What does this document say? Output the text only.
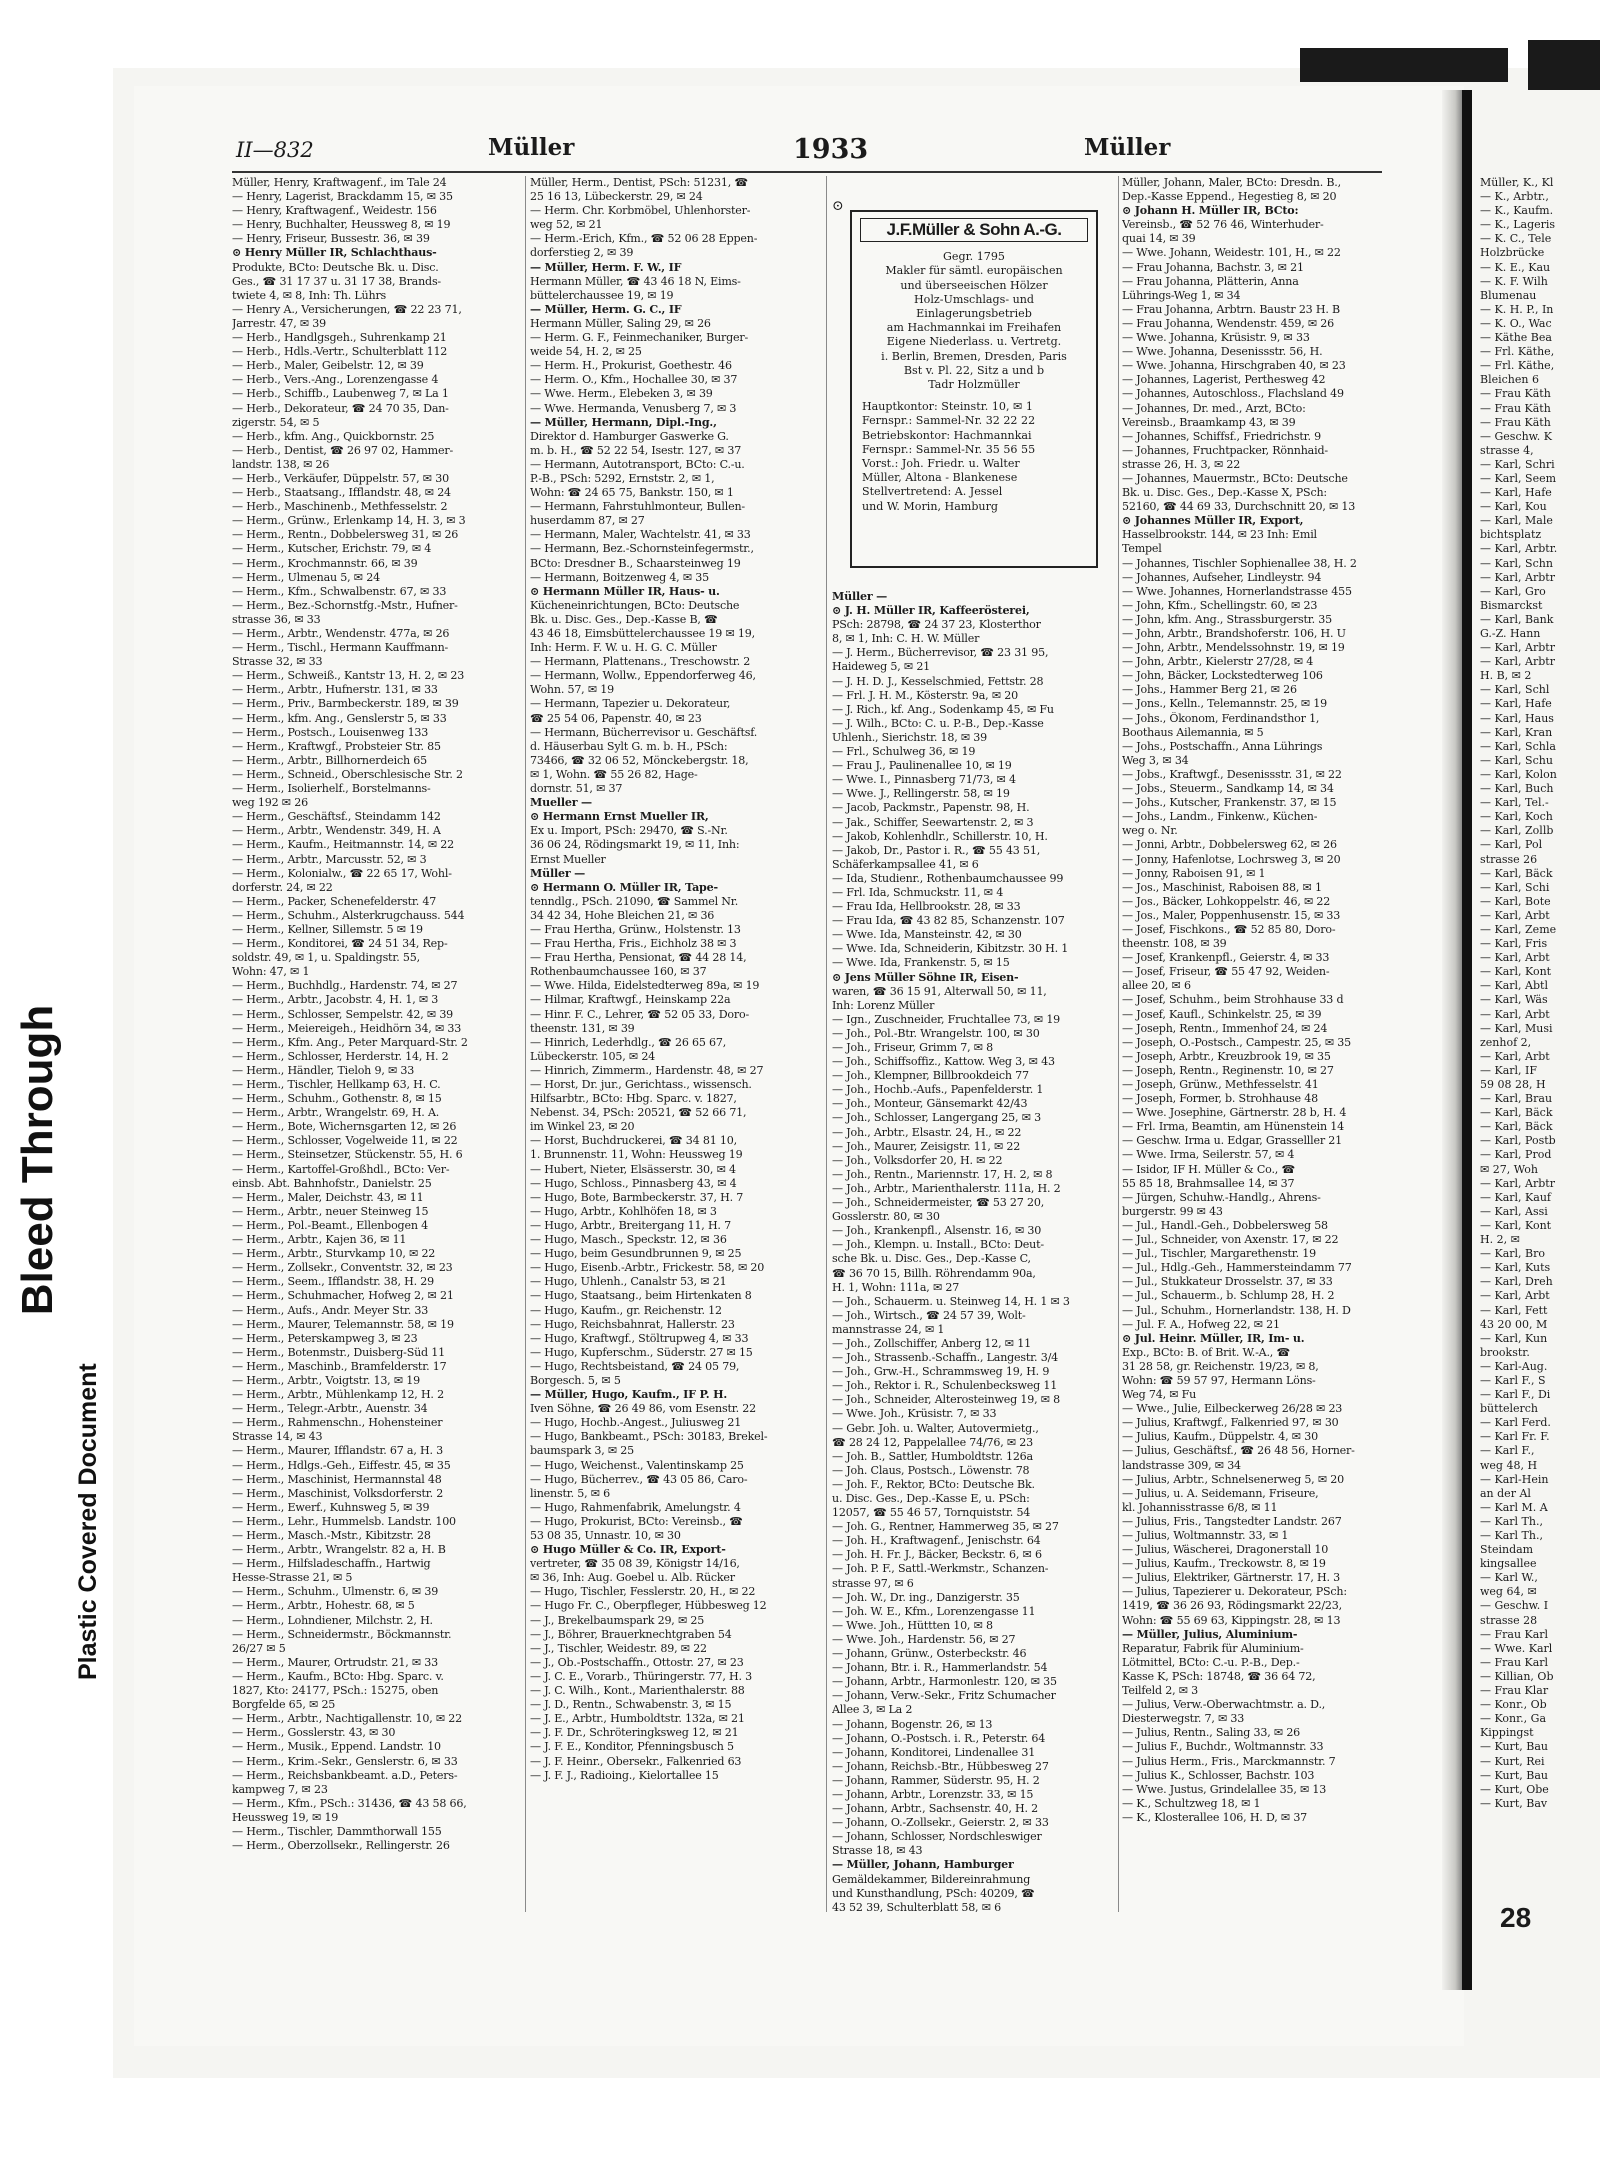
Bleed Through
Plastic Covered Document
II—832	Müller	1933	Müller
Müller, Henry, Kraftwagenf., im Tale 24
— Henry, Lagerist, Brackdamm 15, ✉ 35
— Henry, Kraftwagenf., Weidestr. 156
— Henry, Buchhalter, Heussweg 8, ✉ 19
— Henry, Friseur, Bussestr. 36, ✉ 39
⊙ Henry Müller IR, Schlachthaus-
Produkte, BCto: Deutsche Bk. u. Disc.
Ges., ☎ 31 17 37 u. 31 17 38, Brands-
twiete 4, ✉ 8, Inh: Th. Lührs
— Henry A., Versicherungen, ☎ 22 23 71,
Jarrestr. 47, ✉ 39
— Herb., Handlgsgeh., Suhrenkamp 21
— Herb., Hdls.-Vertr., Schulterblatt 112
— Herb., Maler, Geibelstr. 12, ✉ 39
— Herb., Vers.-Ang., Lorenzengasse 4
— Herb., Schiffb., Laubenweg 7, ✉ La 1
— Herb., Dekorateur, ☎ 24 70 35, Dan-
zigerstr. 54, ✉ 5
— Herb., kfm. Ang., Quickbornstr. 25
— Herb., Dentist, ☎ 26 97 02, Hammer-
landstr. 138, ✉ 26
— Herb., Verkäufer, Düppelstr. 57, ✉ 30
— Herb., Staatsang., Ifflandstr. 48, ✉ 24
— Herb., Maschinenb., Methfesselstr. 2
— Herm., Grünw., Erlenkamp 14, H. 3, ✉ 3
— Herm., Rentn., Dobbelersweg 31, ✉ 26
— Herm., Kutscher, Erichstr. 79, ✉ 4
— Herm., Krochmannstr. 66, ✉ 39
— Herm., Ulmenau 5, ✉ 24
— Herm., Kfm., Schwalbenstr. 67, ✉ 33
— Herm., Bez.-Schornstfg.-Mstr., Hufner-
strasse 36, ✉ 33
— Herm., Arbtr., Wendenstr. 477a, ✉ 26
— Herm., Tischl., Hermann Kauffmann-
Strasse 32, ✉ 33
— Herm., Schweiß., Kantstr 13, H. 2, ✉ 23
— Herm., Arbtr., Hufnerstr. 131, ✉ 33
— Herm., Priv., Barmbeckerstr. 189, ✉ 39
— Herm., kfm. Ang., Genslerstr 5, ✉ 33
— Herm., Postsch., Louisenweg 133
— Herm., Kraftwgf., Probsteier Str. 85
— Herm., Arbtr., Billhornerdeich 65
— Herm., Schneid., Oberschlesische Str. 2
— Herm., Isolierhelf., Borstelmanns-
weg 192 ✉ 26
— Herm., Geschäftsf., Steindamm 142
— Herm., Arbtr., Wendenstr. 349, H. A
— Herm., Kaufm., Heitmannstr. 14, ✉ 22
— Herm., Arbtr., Marcusstr. 52, ✉ 3
— Herm., Kolonialw., ☎ 22 65 17, Wohl-
dorferstr. 24, ✉ 22
— Herm., Packer, Schenefelderstr. 47
— Herm., Schuhm., Alsterkrugchauss. 544
— Herm., Kellner, Sillemstr. 5 ✉ 19
— Herm., Konditorei, ☎ 24 51 34, Rep-
soldstr. 49, ✉ 1, u. Spaldingstr. 55,
Wohn: 47, ✉ 1
— Herm., Buchhdlg., Hardenstr. 74, ✉ 27
— Herm., Arbtr., Jacobstr. 4, H. 1, ✉ 3
— Herm., Schlosser, Sempelstr. 42, ✉ 39
— Herm., Meiereigeh., Heidhörn 34, ✉ 33
— Herm., Kfm. Ang., Peter Marquard-Str. 2
— Herm., Schlosser, Herderstr. 14, H. 2
— Herm., Händler, Tieloh 9, ✉ 33
— Herm., Tischler, Hellkamp 63, H. C.
— Herm., Schuhm., Gothenstr. 8, ✉ 15
— Herm., Arbtr., Wrangelstr. 69, H. A.
— Herm., Bote, Wichernsgarten 12, ✉ 26
— Herm., Schlosser, Vogelweide 11, ✉ 22
— Herm., Steinsetzer, Stückenstr. 55, H. 6
— Herm., Kartoffel-Großhdl., BCto: Ver-
einsb. Abt. Bahnhofstr., Danielstr. 25
— Herm., Maler, Deichstr. 43, ✉ 11
— Herm., Arbtr., neuer Steinweg 15
— Herm., Pol.-Beamt., Ellenbogen 4
— Herm., Arbtr., Kajen 36, ✉ 11
— Herm., Arbtr., Sturvkamp 10, ✉ 22
— Herm., Zollsekr., Conventstr. 32, ✉ 23
— Herm., Seem., Ifflandstr. 38, H. 29
— Herm., Schuhmacher, Hofweg 2, ✉ 21
— Herm., Aufs., Andr. Meyer Str. 33
— Herm., Maurer, Telemannstr. 58, ✉ 19
— Herm., Peterskampweg 3, ✉ 23
— Herm., Botenmstr., Duisberg-Süd 11
— Herm., Maschinb., Bramfelderstr. 17
— Herm., Arbtr., Voigtstr. 13, ✉ 19
— Herm., Arbtr., Mühlenkamp 12, H. 2
— Herm., Telegr.-Arbtr., Auenstr. 34
— Herm., Rahmenschn., Hohensteiner
Strasse 14, ✉ 43
— Herm., Maurer, Ifflandstr. 67 a, H. 3
— Herm., Hdlgs.-Geh., Eiffestr. 45, ✉ 35
— Herm., Maschinist, Hermannstal 48
— Herm., Maschinist, Volksdorferstr. 2
— Herm., Ewerf., Kuhnsweg 5, ✉ 39
— Herm., Lehr., Hummelsb. Landstr. 100
— Herm., Masch.-Mstr., Kibitzstr. 28
— Herm., Arbtr., Wrangelstr. 82 a, H. B
— Herm., Hilfsladeschaffn., Hartwig
Hesse-Strasse 21, ✉ 5
— Herm., Schuhm., Ulmenstr. 6, ✉ 39
— Herm., Arbtr., Hohestr. 68, ✉ 5
— Herm., Lohndiener, Milchstr. 2, H.
— Herm., Schneidermstr., Böckmannstr.
26/27 ✉ 5
— Herm., Maurer, Ortrudstr. 21, ✉ 33
— Herm., Kaufm., BCto: Hbg. Sparc. v.
1827, Kto: 24177, PSch.: 15275, oben
Borgfelde 65, ✉ 25
— Herm., Arbtr., Nachtigallenstr. 10, ✉ 22
— Herm., Gosslerstr. 43, ✉ 30
— Herm., Musik., Eppend. Landstr. 10
— Herm., Krim.-Sekr., Genslerstr. 6, ✉ 33
— Herm., Reichsbankbeamt. a.D., Peters-
kampweg 7, ✉ 23
— Herm., Kfm., PSch.: 31436, ☎ 43 58 66,
Heussweg 19, ✉ 19
— Herm., Tischler, Dammthorwall 155
— Herm., Oberzollsekr., Rellingerstr. 26
Müller, Herm., Dentist, PSch: 51231, ☎
25 16 13, Lübeckerstr. 29, ✉ 24
— Herm. Chr. Korbmöbel, Uhlenhorster-
weg 52, ✉ 21
— Herm.-Erich, Kfm., ☎ 52 06 28 Eppen-
dorferstieg 2, ✉ 39
— Müller, Herm. F. W., IF
Hermann Müller, ☎ 43 46 18 N, Eims-
büttelerchaussee 19, ✉ 19
— Müller, Herm. G. C., IF
Hermann Müller, Saling 29, ✉ 26
— Herm. G. F., Feinmechaniker, Burger-
weide 54, H. 2, ✉ 25
— Herm. H., Prokurist, Goethestr. 46
— Herm. O., Kfm., Hochallee 30, ✉ 37
— Wwe. Herm., Elebeken 3, ✉ 39
— Wwe. Hermanda, Venusberg 7, ✉ 3
— Müller, Hermann, Dipl.-Ing.,
Direktor d. Hamburger Gaswerke G.
m. b. H., ☎ 52 22 54, Isestr. 127, ✉ 37
— Hermann, Autotransport, BCto: C.-u.
P.-B., PSch: 5292, Ernststr. 2, ✉ 1,
Wohn: ☎ 24 65 75, Bankstr. 150, ✉ 1
— Hermann, Fahrstuhlmonteur, Bullen-
huserdamm 87, ✉ 27
— Hermann, Maler, Wachtelstr. 41, ✉ 33
— Hermann, Bez.-Schornsteinfegermstr.,
BCto: Dresdner B., Schaarsteinweg 19
— Hermann, Boitzenweg 4, ✉ 35
⊙ Hermann Müller IR, Haus- u.
Kücheneinrichtungen, BCto: Deutsche
Bk. u. Disc. Ges., Dep.-Kasse B, ☎
43 46 18, Eimsbüttelerchaussee 19 ✉ 19,
Inh: Herm. F. W. u. H. G. C. Müller
— Hermann, Plattenans., Treschowstr. 2
— Hermann, Wollw., Eppendorferweg 46,
Wohn. 57, ✉ 19
— Hermann, Tapezier u. Dekorateur,
☎ 25 54 06, Papenstr. 40, ✉ 23
— Hermann, Bücherrevisor u. Geschäftsf.
d. Häuserbau Sylt G. m. b. H., PSch:
73466, ☎ 32 06 52, Mönckebergstr. 18,
✉ 1, Wohn. ☎ 55 26 82, Hage-
dornstr. 51, ✉ 37
Mueller —
⊙ Hermann Ernst Mueller IR,
Ex u. Import, PSch: 29470, ☎ S.-Nr.
36 06 24, Rödingsmarkt 19, ✉ 11, Inh:
Ernst Mueller
Müller —
⊙ Hermann O. Müller IR, Tape-
tenndlg., PSch. 21090, ☎ Sammel Nr.
34 42 34, Hohe Bleichen 21, ✉ 36
— Frau Hertha, Grünw., Holstenstr. 13
— Frau Hertha, Fris., Eichholz 38 ✉ 3
— Frau Hertha, Pensionat, ☎ 44 28 14,
Rothenbaumchaussee 160, ✉ 37
— Wwe. Hilda, Eidelstedterweg 89a, ✉ 19
— Hilmar, Kraftwgf., Heinskamp 22a
— Hinr. F. C., Lehrer, ☎ 52 05 33, Doro-
theenstr. 131, ✉ 39
— Hinrich, Lederhdlg., ☎ 26 65 67,
Lübeckerstr. 105, ✉ 24
— Hinrich, Zimmerm., Hardenstr. 48, ✉ 27
— Horst, Dr. jur., Gerichtass., wissensch.
Hilfsarbtr., BCto: Hbg. Sparc. v. 1827,
Nebenst. 34, PSch: 20521, ☎ 52 66 71,
im Winkel 23, ✉ 20
— Horst, Buchdruckerei, ☎ 34 81 10,
1. Brunnenstr. 11, Wohn: Heussweg 19
— Hubert, Nieter, Elsässerstr. 30, ✉ 4
— Hugo, Schloss., Pinnasberg 43, ✉ 4
— Hugo, Bote, Barmbeckerstr. 37, H. 7
— Hugo, Arbtr., Kohlhöfen 18, ✉ 3
— Hugo, Arbtr., Breitergang 11, H. 7
— Hugo, Masch., Speckstr. 12, ✉ 36
— Hugo, beim Gesundbrunnen 9, ✉ 25
— Hugo, Eisenb.-Arbtr., Frickestr. 58, ✉ 20
— Hugo, Uhlenh., Canalstr 53, ✉ 21
— Hugo, Staatsang., beim Hirtenkaten 8
— Hugo, Kaufm., gr. Reichenstr. 12
— Hugo, Reichsbahnrat, Hallerstr. 23
— Hugo, Kraftwgf., Stöltrupweg 4, ✉ 33
— Hugo, Kupferschm., Süderstr. 27 ✉ 15
— Hugo, Rechtsbeistand, ☎ 24 05 79,
Borgesch. 5, ✉ 5
— Müller, Hugo, Kaufm., IF P. H.
Iven Söhne, ☎ 26 49 86, vom Esenstr. 22
— Hugo, Hochb.-Angest., Juliusweg 21
— Hugo, Bankbeamt., PSch: 30183, Brekel-
baumspark 3, ✉ 25
— Hugo, Weichenst., Valentinskamp 25
— Hugo, Bücherrev., ☎ 43 05 86, Caro-
linenstr. 5, ✉ 6
— Hugo, Rahmenfabrik, Amelungstr. 4
— Hugo, Prokurist, BCto: Vereinsb., ☎
53 08 35, Unnastr. 10, ✉ 30
⊙ Hugo Müller & Co. IR, Export-
vertreter, ☎ 35 08 39, Königstr 14/16,
✉ 36, Inh: Aug. Goebel u. Alb. Rücker
— Hugo, Tischler, Fesslerstr. 20, H., ✉ 22
— Hugo Fr. C., Oberpfleger, Hübbesweg 12
— J., Brekelbaumspark 29, ✉ 25
— J., Böhrer, Brauerknechtgraben 54
— J., Tischler, Weidestr. 89, ✉ 22
— J., Ob.-Postschaffn., Ottostr. 27, ✉ 23
— J. C. E., Vorarb., Thüringerstr. 77, H. 3
— J. C. Wilh., Kont., Marienthalerstr. 88
— J. D., Rentn., Schwabenstr. 3, ✉ 15
— J. E., Arbtr., Humboldtstr. 132a, ✉ 21
— J. F. Dr., Schröteringksweg 12, ✉ 21
— J. F. E., Konditor, Pfenningsbusch 5
— J. F. Heinr., Obersekr., Falkenried 63
— J. F. J., Radioing., Kielortallee 15
Müller —
⊙ J. H. Müller IR, Kaffeerösterei,
PSch: 28798, ☎ 24 37 23, Klosterthor
8, ✉ 1, Inh: C. H. W. Müller
— J. Herm., Bücherrevisor, ☎ 23 31 95,
Haideweg 5, ✉ 21
— J. H. D. J., Kesselschmied, Fettstr. 28
— Frl. J. H. M., Kösterstr. 9a, ✉ 20
— J. Rich., kf. Ang., Sodenkamp 45, ✉ Fu
— J. Wilh., BCto: C. u. P.-B., Dep.-Kasse
Uhlenh., Sierichstr. 18, ✉ 39
— Frl., Schulweg 36, ✉ 19
— Frau J., Paulinenallee 10, ✉ 19
— Wwe. I., Pinnasberg 71/73, ✉ 4
— Wwe. J., Rellingerstr. 58, ✉ 19
— Jacob, Packmstr., Papenstr. 98, H.
— Jak., Schiffer, Seewartenstr. 2, ✉ 3
— Jakob, Kohlenhdlr., Schillerstr. 10, H.
— Jakob, Dr., Pastor i. R., ☎ 55 43 51,
Schäferkampsallee 41, ✉ 6
— Ida, Studienr., Rothenbaumchaussee 99
— Frl. Ida, Schmuckstr. 11, ✉ 4
— Frau Ida, Hellbrookstr. 28, ✉ 33
— Frau Ida, ☎ 43 82 85, Schanzenstr. 107
— Wwe. Ida, Mansteinstr. 42, ✉ 30
— Wwe. Ida, Schneiderin, Kibitzstr. 30 H. 1
— Wwe. Ida, Frankenstr. 5, ✉ 15
⊙ Jens Müller Söhne IR, Eisen-
waren, ☎ 36 15 91, Alterwall 50, ✉ 11,
Inh: Lorenz Müller
— Ign., Zuschneider, Fruchtallee 73, ✉ 19
— Joh., Pol.-Btr. Wrangelstr. 100, ✉ 30
— Joh., Friseur, Grimm 7, ✉ 8
— Joh., Schiffsoffiz., Kattow. Weg 3, ✉ 43
— Joh., Klempner, Billbrookdeich 77
— Joh., Hochb.-Aufs., Papenfelderstr. 1
— Joh., Monteur, Gänsemarkt 42/43
— Joh., Schlosser, Langergang 25, ✉ 3
— Joh., Arbtr., Elsastr. 24, H., ✉ 22
— Joh., Maurer, Zeisigstr. 11, ✉ 22
— Joh., Volksdorfer 20, H. ✉ 22
— Joh., Rentn., Mariennstr. 17, H. 2, ✉ 8
— Joh., Arbtr., Marienthalerstr. 111a, H. 2
— Joh., Schneidermeister, ☎ 53 27 20,
Gosslerstr. 80, ✉ 30
— Joh., Krankenpfl., Alsenstr. 16, ✉ 30
— Joh., Klempn. u. Install., BCto: Deut-
sche Bk. u. Disc. Ges., Dep.-Kasse C,
☎ 36 70 15, Billh. Röhrendamm 90a,
H. 1, Wohn: 111a, ✉ 27
— Joh., Schauerm. u. Steinweg 14, H. 1 ✉ 3
— Joh., Wirtsch., ☎ 24 57 39, Wolt-
mannstrasse 24, ✉ 1
— Joh., Zollschiffer, Anberg 12, ✉ 11
— Joh., Strassenb.-Schaffn., Langestr. 3/4
— Joh., Grw.-H., Schrammsweg 19, H. 9
— Joh., Rektor i. R., Schulenbecksweg 11
— Joh., Schneider, Alterosteinweg 19, ✉ 8
— Wwe. Joh., Krüsistr. 7, ✉ 33
— Gebr. Joh. u. Walter, Autovermietg.,
☎ 28 24 12, Pappelallee 74/76, ✉ 23
— Joh. B., Sattler, Humboldtstr. 126a
— Joh. Claus, Postsch., Löwenstr. 78
— Joh. F., Rektor, BCto: Deutsche Bk.
u. Disc. Ges., Dep.-Kasse E, u. PSch:
12057, ☎ 55 46 57, Tornquiststr. 54
— Joh. G., Rentner, Hammerweg 35, ✉ 27
— Joh. H., Kraftwagenf., Jenischstr. 64
— Joh. H. Fr. J., Bäcker, Beckstr. 6, ✉ 6
— Joh. P. F., Sattl.-Werkmstr., Schanzen-
strasse 97, ✉ 6
— Joh. W., Dr. ing., Danzigerstr. 35
— Joh. W. E., Kfm., Lorenzengasse 11
— Wwe. Joh., Hüttten 10, ✉ 8
— Wwe. Joh., Hardenstr. 56, ✉ 27
— Johann, Grünw., Osterbeckstr. 46
— Johann, Btr. i. R., Hammerlandstr. 54
— Johann, Arbtr., Harmonlestr. 120, ✉ 35
— Johann, Verw.-Sekr., Fritz Schumacher
Allee 3, ✉ La 2
— Johann, Bogenstr. 26, ✉ 13
— Johann, O.-Postsch. i. R., Peterstr. 64
— Johann, Konditorei, Lindenallee 31
— Johann, Reichsb.-Btr., Hübbesweg 27
— Johann, Rammer, Süderstr. 95, H. 2
— Johann, Arbtr., Lorenzstr. 33, ✉ 15
— Johann, Arbtr., Sachsenstr. 40, H. 2
— Johann, O.-Zollsekr., Geierstr. 2, ✉ 33
— Johann, Schlosser, Nordschleswiger
Strasse 18, ✉ 43
— Müller, Johann, Hamburger
Gemäldekammer, Bildereinrahmung
und Kunsthandlung, PSch: 40209, ☎
43 52 39, Schulterblatt 58, ✉ 6
Müller, Johann, Maler, BCto: Dresdn. B.,
Dep.-Kasse Eppend., Hegestieg 8, ✉ 20
⊙ Johann H. Müller IR, BCto:
Vereinsb., ☎ 52 76 46, Winterhuder-
quai 14, ✉ 39
— Wwe. Johann, Weidestr. 101, H., ✉ 22
— Frau Johanna, Bachstr. 3, ✉ 21
— Frau Johanna, Plätterin, Anna
Lührings-Weg 1, ✉ 34
— Frau Johanna, Arbtrn. Baustr 23 H. B
— Frau Johanna, Wendenstr. 459, ✉ 26
— Wwe. Johanna, Krüsistr. 9, ✉ 33
— Wwe. Johanna, Desenissstr. 56, H.
— Wwe. Johanna, Hirschgraben 40, ✉ 23
— Johannes, Lagerist, Perthesweg 42
— Johannes, Autoschloss., Flachsland 49
— Johannes, Dr. med., Arzt, BCto:
Vereinsb., Braamkamp 43, ✉ 39
— Johannes, Schiffsf., Friedrichstr. 9
— Johannes, Fruchtpacker, Rönnhaid-
strasse 26, H. 3, ✉ 22
— Johannes, Mauermstr., BCto: Deutsche
Bk. u. Disc. Ges., Dep.-Kasse X, PSch:
52160, ☎ 44 69 33, Durchschnitt 20, ✉ 13
⊙ Johannes Müller IR, Export,
Hasselbrookstr. 144, ✉ 23 Inh: Emil
Tempel
— Johannes, Tischler Sophienallee 38, H. 2
— Johannes, Aufseher, Lindleystr. 94
— Wwe. Johannes, Hornerlandstrasse 455
— John, Kfm., Schellingstr. 60, ✉ 23
— John, kfm. Ang., Strassburgerstr. 35
— John, Arbtr., Brandshoferstr. 106, H. U
— John, Arbtr., Mendelssohnstr. 19, ✉ 19
— John, Arbtr., Kielerstr 27/28, ✉ 4
— John, Bäcker, Lockstedterweg 106
— Johs., Hammer Berg 21, ✉ 26
— Jons., Kelln., Telemannstr. 25, ✉ 19
— Johs., Ökonom, Ferdinandsthor 1,
Boothaus Ailemannia, ✉ 5
— Johs., Postschaffn., Anna Lührings
Weg 3, ✉ 34
— Jobs., Kraftwgf., Desenissstr. 31, ✉ 22
— Jobs., Steuerm., Sandkamp 14, ✉ 34
— Johs., Kutscher, Frankenstr. 37, ✉ 15
— Johs., Landm., Finkenw., Küchen-
weg o. Nr.
— Jonni, Arbtr., Dobbelersweg 62, ✉ 26
— Jonny, Hafenlotse, Lochrsweg 3, ✉ 20
— Jonny, Raboisen 91, ✉ 1
— Jos., Maschinist, Raboisen 88, ✉ 1
— Jos., Bäcker, Lohkoppelstr. 46, ✉ 22
— Jos., Maler, Poppenhusenstr. 15, ✉ 33
— Josef, Fischkons., ☎ 52 85 80, Doro-
theenstr. 108, ✉ 39
— Josef, Krankenpfl., Geierstr. 4, ✉ 33
— Josef, Friseur, ☎ 55 47 92, Weiden-
allee 20, ✉ 6
— Josef, Schuhm., beim Strohhause 33 d
— Josef, Kaufl., Schinkelstr. 25, ✉ 39
— Joseph, Rentn., Immenhof 24, ✉ 24
— Joseph, O.-Postsch., Campestr. 25, ✉ 35
— Joseph, Arbtr., Kreuzbrook 19, ✉ 35
— Joseph, Rentn., Reginenstr. 10, ✉ 27
— Joseph, Grünw., Methfesselstr. 41
— Joseph, Former, b. Strohhause 48
— Wwe. Josephine, Gärtnerstr. 28 b, H. 4
— Frl. Irma, Beamtin, am Hünenstein 14
— Geschw. Irma u. Edgar, Grasselller 21
— Wwe. Irma, Seilerstr. 57, ✉ 4
— Isidor, IF H. Müller & Co., ☎
55 85 18, Brahmsallee 14, ✉ 37
— Jürgen, Schuhw.-Handlg., Ahrens-
burgerstr. 99 ✉ 43
— Jul., Handl.-Geh., Dobbelersweg 58
— Jul., Schneider, von Axenstr. 17, ✉ 22
— Jul., Tischler, Margarethenstr. 19
— Jul., Hdlg.-Geh., Hammersteindamm 77
— Jul., Stukkateur Drosselstr. 37, ✉ 33
— Jul., Schauerm., b. Schlump 28, H. 2
— Jul., Schuhm., Hornerlandstr. 138, H. D
— Jul. F. A., Hofweg 22, ✉ 21
⊙ Jul. Heinr. Müller, IR, Im- u.
Exp., BCto: B. of Brit. W.-A., ☎
31 28 58, gr. Reichenstr. 19/23, ✉ 8,
Wohn: ☎ 59 57 97, Hermann Löns-
Weg 74, ✉ Fu
— Wwe., Julie, Eilbeckerweg 26/28 ✉ 23
— Julius, Kraftwgf., Falkenried 97, ✉ 30
— Julius, Kaufm., Düppelstr. 4, ✉ 30
— Julius, Geschäftsf., ☎ 26 48 56, Horner-
landstrasse 309, ✉ 34
— Julius, Arbtr., Schnelsenerweg 5, ✉ 20
— Julius, u. A. Seidemann, Friseure,
kl. Johannisstrasse 6/8, ✉ 11
— Julius, Fris., Tangstedter Landstr. 267
— Julius, Woltmannstr. 33, ✉ 1
— Julius, Wäscherei, Dragonerstall 10
— Julius, Kaufm., Treckowstr. 8, ✉ 19
— Julius, Elektriker, Gärtnerstr. 17, H. 3
— Julius, Tapezierer u. Dekorateur, PSch:
1419, ☎ 36 26 93, Rödingsmarkt 22/23,
Wohn: ☎ 55 69 63, Kippingstr. 28, ✉ 13
— Müller, Julius, Aluminium-
Reparatur, Fabrik für Aluminium-
Lötmittel, BCto: C.-u. P.-B., Dep.-
Kasse K, PSch: 18748, ☎ 36 64 72,
Teilfeld 2, ✉ 3
— Julius, Verw.-Oberwachtmstr. a. D.,
Diesterwegstr. 7, ✉ 33
— Julius, Rentn., Saling 33, ✉ 26
— Julius F., Buchdr., Woltmannstr. 33
— Julius Herm., Fris., Marckmannstr. 7
— Julius K., Schlosser, Bachstr. 103
— Wwe. Justus, Grindelallee 35, ✉ 13
— K., Schultzweg 18, ✉ 1
— K., Klosterallee 106, H. D, ✉ 37
⊙
J.F.Müller & Sohn A.-G.
Gegr. 1795
Makler für sämtl. europäischen
und überseeischen Hölzer
Holz-Umschlags- und
Einlagerungsbetrieb
am Hachmannkai im Freihafen
Eigene Niederlass. u. Vertretg.
i. Berlin, Bremen, Dresden, Paris
Bst v. Pl. 22, Sitz a und b
Tadr Holzmüller
Hauptkontor: Steinstr. 10, ✉ 1
Fernspr.: Sammel-Nr. 32 22 22
Betriebskontor: Hachmannkai
Fernspr.: Sammel-Nr. 35 56 55
Vorst.: Joh. Friedr. u. Walter
Müller, Altona - Blankenese
Stellvertretend: A. Jessel
und W. Morin, Hamburg
Müller, K., Kl
— K., Arbtr.,
— K., Kaufm.
— K., Lageris
— K. C., Tele
Holzbrücke
— K. E., Kau
— K. F. Wilh
Blumenau
— K. H. P., In
— K. O., Wac
— Käthe Bea
— Frl. Käthe,
— Frl. Käthe,
Bleichen 6
— Frau Käth
— Frau Käth
— Frau Käth
— Geschw. K
strasse 4,
— Karl, Schri
— Karl, Seem
— Karl, Hafe
— Karl, Kou
— Karl, Male
bichtsplatz
— Karl, Arbtr.
— Karl, Schn
— Karl, Arbtr
— Karl, Gro
Bismarckst
— Karl, Bank
G.-Z. Hann
— Karl, Arbtr
— Karl, Arbtr
H. B, ✉ 2
— Karl, Schl
— Karl, Hafe
— Karl, Haus
— Karl, Kran
— Karl, Schla
— Karl, Schu
— Karl, Kolon
— Karl, Buch
— Karl, Tel.-
— Karl, Koch
— Karl, Zollb
— Karl, Pol
strasse 26
— Karl, Bäck
— Karl, Schi
— Karl, Bote
— Karl, Arbt
— Karl, Zeme
— Karl, Fris
— Karl, Arbt
— Karl, Kont
— Karl, Abtl
— Karl, Wäs
— Karl, Arbt
— Karl, Musi
zenhof 2,
— Karl, Arbt
— Karl, IF
59 08 28, H
— Karl, Brau
— Karl, Bäck
— Karl, Bäck
— Karl, Postb
— Karl, Prod
✉ 27, Woh
— Karl, Arbtr
— Karl, Kauf
— Karl, Assi
— Karl, Kont
H. 2, ✉
— Karl, Bro
— Karl, Kuts
— Karl, Dreh
— Karl, Arbt
— Karl, Fett
43 20 00, M
— Karl, Kun
brookstr.
— Karl-Aug.
— Karl F., S
— Karl F., Di
büttelerch
— Karl Ferd.
— Karl Fr. F.
— Karl F.,
weg 48, H
— Karl-Hein
an der Al
— Karl M. A
— Karl Th.,
— Karl Th.,
Steindam
kingsallee
— Karl W.,
weg 64, ✉
— Geschw. I
strasse 28
— Frau Karl
— Wwe. Karl
— Frau Karl
— Killian, Ob
— Frau Klar
— Konr., Ob
— Konr., Ga
Kippingst
— Kurt, Bau
— Kurt, Rei
— Kurt, Bau
— Kurt, Obe
— Kurt, Bav
28
